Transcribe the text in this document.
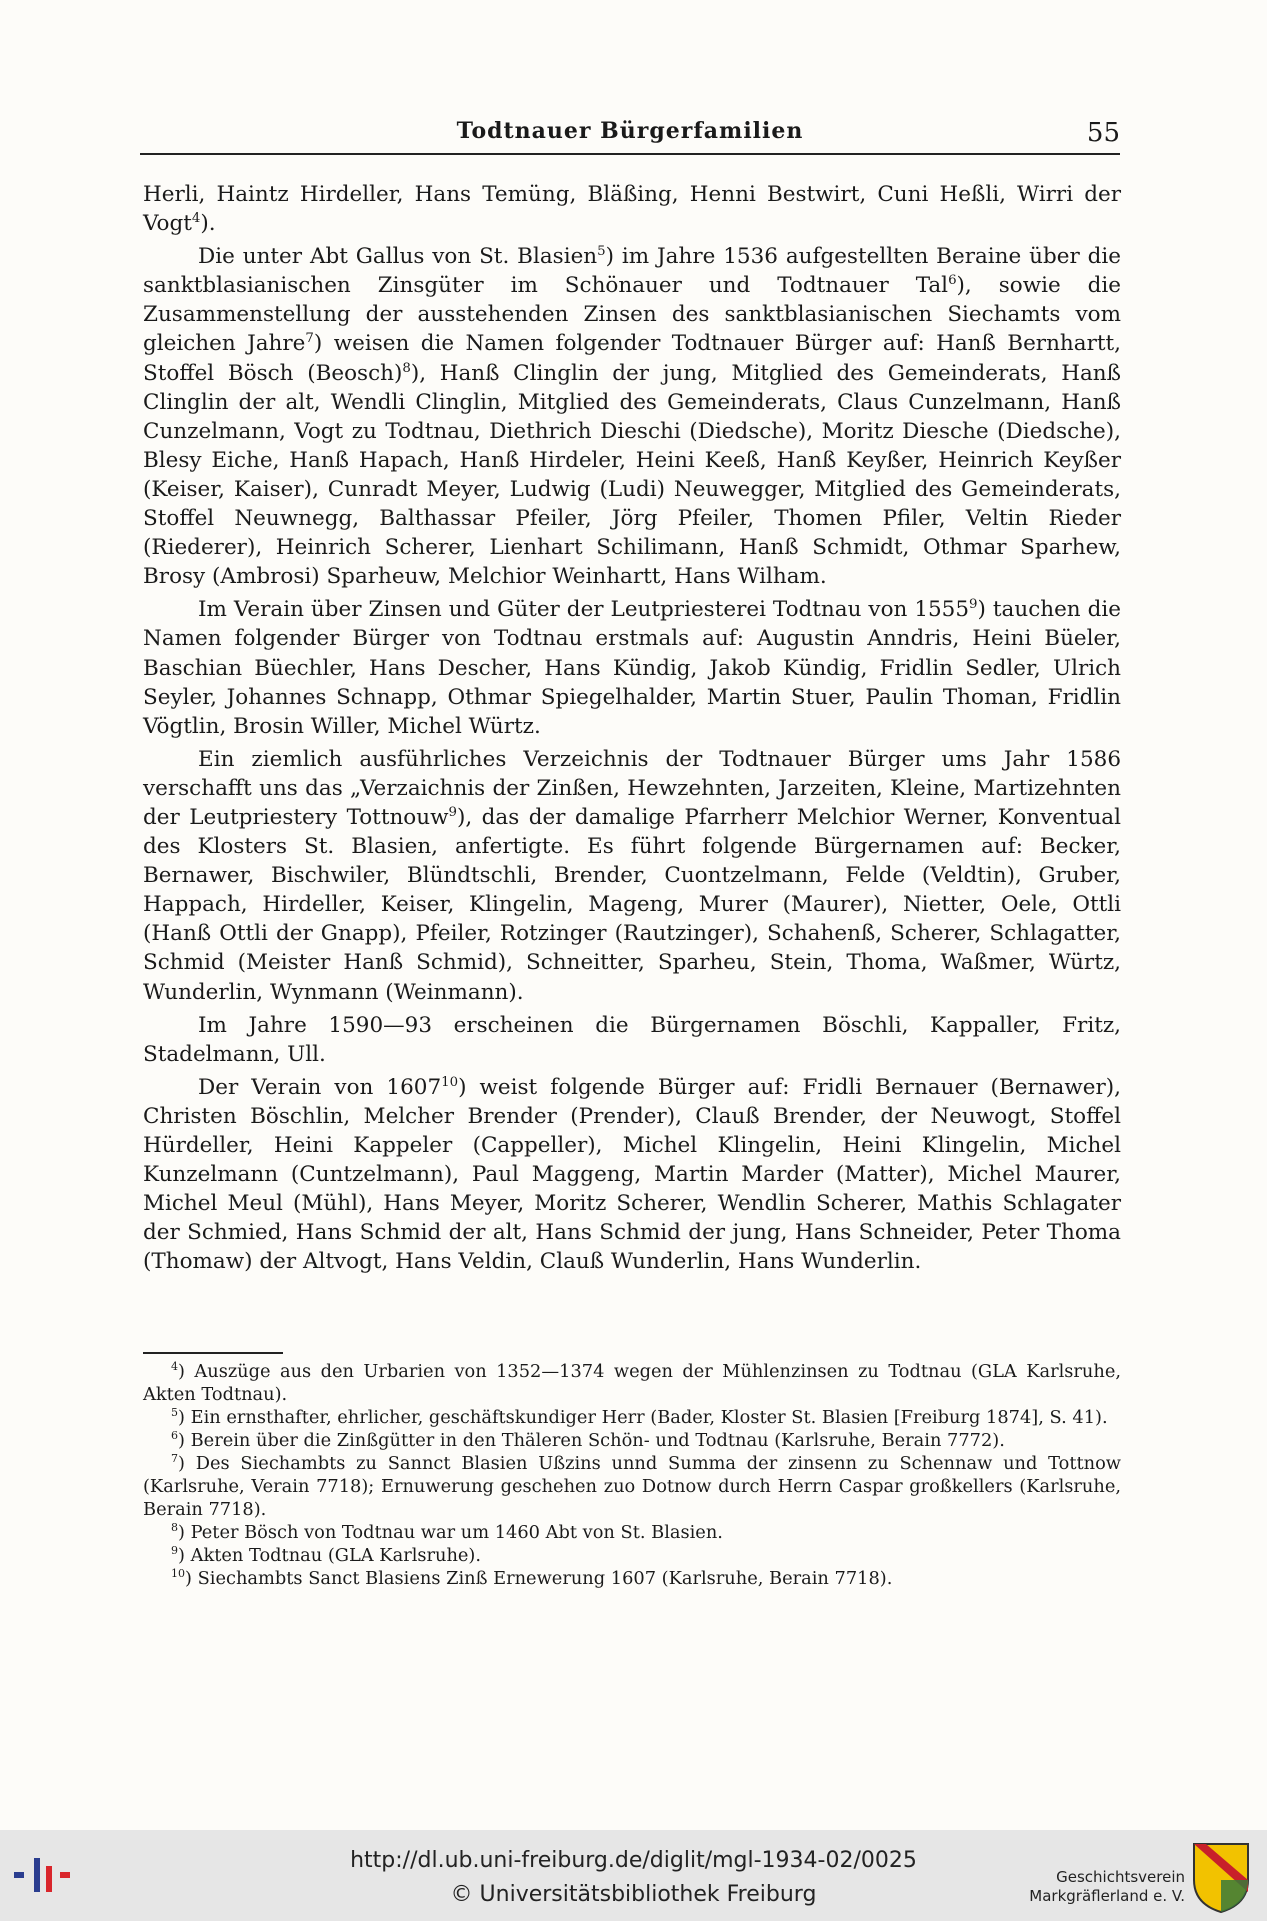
Todtnauer Bürgerfamilien	55

Herli, Haintz Hirdeller, Hans Temüng, Bläßing, Henni Bestwirt, Cuni Heßli, Wirri der Vogt$^4$).

Die unter Abt Gallus von St. Blasien$^5$) im Jahre 1536 aufgestellten Beraine über die sanktblasianischen Zinsgüter im Schönauer und Todtnauer Tal$^6$), sowie die Zusammenstellung der ausstehenden Zinsen des sanktblasianischen Siechamts vom gleichen Jahre$^7$) weisen die Namen folgender Todtnauer Bürger auf: Hanß Bernhartt, Stoffel Bösch (Beosch)$^8$), Hanß Clinglin der jung, Mitglied des Gemeinderats, Hanß Clinglin der alt, Wendli Clinglin, Mitglied des Gemeinderats, Claus Cunzelmann, Hanß Cunzelmann, Vogt zu Todtnau, Diethrich Dieschi (Diedsche), Moritz Diesche (Diedsche), Blesy Eiche, Hanß Hapach, Hanß Hirdeler, Heini Keeß, Hanß Keyßer, Heinrich Keyßer (Keiser, Kaiser), Cunradt Meyer, Ludwig (Ludi) Neuwegger, Mitglied des Gemeinderats, Stoffel Neuwnegg, Balthassar Pfeiler, Jörg Pfeiler, Thomen Pfiler, Veltin Rieder (Riederer), Heinrich Scherer, Lienhart Schilimann, Hanß Schmidt, Othmar Sparhew, Brosy (Ambrosi) Sparheuw, Melchior Weinhartt, Hans Wilham.

Im Verain über Zinsen und Güter der Leutpriesterei Todtnau von 1555$^9$) tauchen die Namen folgender Bürger von Todtnau erstmals auf: Augustin Anndris, Heini Büeler, Baschian Büechler, Hans Descher, Hans Kündig, Jakob Kündig, Fridlin Sedler, Ulrich Seyler, Johannes Schnapp, Othmar Spiegelhalder, Martin Stuer, Paulin Thoman, Fridlin Vögtlin, Brosin Willer, Michel Würtz.

Ein ziemlich ausführliches Verzeichnis der Todtnauer Bürger ums Jahr 1586 verschafft uns das „Verzaichnis der Zinßen, Hewzehnten, Jarzeiten, Kleine, Martizehnten der Leutpriestery Tottnouw$^9$), das der damalige Pfarrherr Melchior Werner, Konventual des Klosters St. Blasien, anfertigte. Es führt folgende Bürgernamen auf: Becker, Bernawer, Bischwiler, Blündtschli, Brender, Cuontzelmann, Felde (Veldtin), Gruber, Happach, Hirdeller, Keiser, Klingelin, Mageng, Murer (Maurer), Nietter, Oele, Ottli (Hanß Ottli der Gnapp), Pfeiler, Rotzinger (Rautzinger), Schahenß, Scherer, Schlagatter, Schmid (Meister Hanß Schmid), Schneitter, Sparheu, Stein, Thoma, Waßmer, Würtz, Wunderlin, Wynmann (Weinmann).

Im Jahre 1590—93 erscheinen die Bürgernamen Böschli, Kappaller, Fritz, Stadelmann, Ull.

Der Verain von 1607$^{10}$) weist folgende Bürger auf: Fridli Bernauer (Bernawer), Christen Böschlin, Melcher Brender (Prender), Clauß Brender, der Neuwogt, Stoffel Hürdeller, Heini Kappeler (Cappeller), Michel Klingelin, Heini Klingelin, Michel Kunzelmann (Cuntzelmann), Paul Maggeng, Martin Marder (Matter), Michel Maurer, Michel Meul (Mühl), Hans Meyer, Moritz Scherer, Wendlin Scherer, Mathis Schlagater der Schmied, Hans Schmid der alt, Hans Schmid der jung, Hans Schneider, Peter Thoma (Thomaw) der Altvogt, Hans Veldin, Clauß Wunderlin, Hans Wunderlin.

$^4$) Auszüge aus den Urbarien von 1352—1374 wegen der Mühlenzinsen zu Todtnau (GLA Karlsruhe, Akten Todtnau).

$^5$) Ein ernsthafter, ehrlicher, geschäftskundiger Herr (Bader, Kloster St. Blasien [Freiburg 1874], S. 41).

$^6$) Berein über die Zinßgütter in den Thäleren Schön- und Todtnau (Karlsruhe, Berain 7772).

$^7$) Des Siechambts zu Sannct Blasien Ußzins unnd Summa der zinsenn zu Schennaw und Tottnow (Karlsruhe, Verain 7718); Ernuwerung geschehen zuo Dotnow durch Herrn Caspar großkellers (Karlsruhe, Berain 7718).

$^8$) Peter Bösch von Todtnau war um 1460 Abt von St. Blasien.

$^9$) Akten Todtnau (GLA Karlsruhe).

$^{10}$) Siechambts Sanct Blasiens Zinß Ernewerung 1607 (Karlsruhe, Berain 7718).

http://dl.ub.uni-freiburg.de/diglit/mgl-1934-02/0025
© Universitätsbibliothek Freiburg
Geschichtsverein
Markgräflerland e. V.
